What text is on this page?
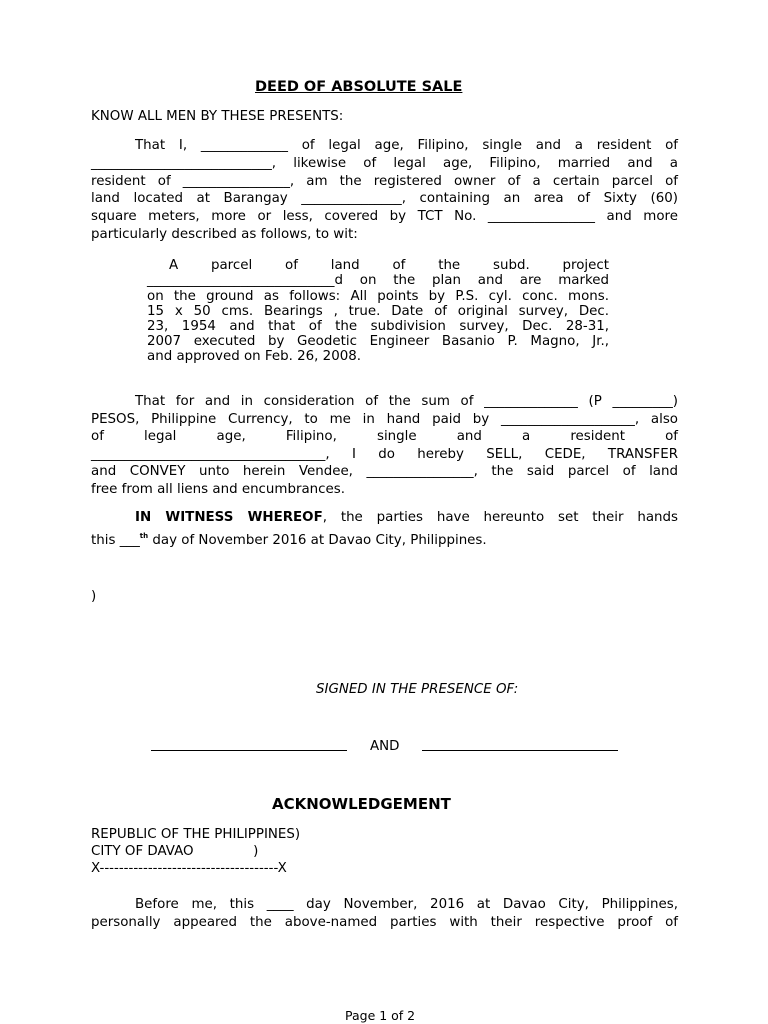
DEED OF ABSOLUTE SALE
KNOW ALL MEN BY THESE PRESENTS:
That I, _____________ of legal age, Filipino, single and a resident of
___________________________, likewise of legal age, Filipino, married and a
resident of ________________, am the registered owner of a certain parcel of
land located at Barangay _______________, containing an area of Sixty (60)
square meters, more or less, covered by TCT No. ________________ and more
particularly described as follows, to wit:
A parcel of land of the subd. project
____________________________d on the plan and are marked
on the ground as follows: All points by P.S. cyl. conc. mons.
15 x 50 cms. Bearings , true. Date of original survey, Dec.
23, 1954 and that of the subdivision survey, Dec. 28-31,
2007 executed by Geodetic Engineer Basanio P. Magno, Jr.,
and approved on Feb. 26, 2008.
That for and in consideration of the sum of ______________ (P _________)
PESOS, Philippine Currency, to me in hand paid by ____________________, also
of legal age, Filipino, single and a resident of
___________________________________, I do hereby SELL, CEDE, TRANSFER
and CONVEY unto herein Vendee, ________________, the said parcel of land
free from all liens and encumbrances.
IN WITNESS WHEREOF, the parties have hereunto set their hands
this ___$^{th}$ day of November 2016 at Davao City, Philippines.
)
SIGNED IN THE PRESENCE OF:
AND
ACKNOWLEDGEMENT
REPUBLIC OF THE PHILIPPINES)
CITY OF DAVAO              )
X-------------------------------------X
Before me, this ____ day November, 2016 at Davao City, Philippines,
personally appeared the above-named parties with their respective proof of
Page 1 of 2
